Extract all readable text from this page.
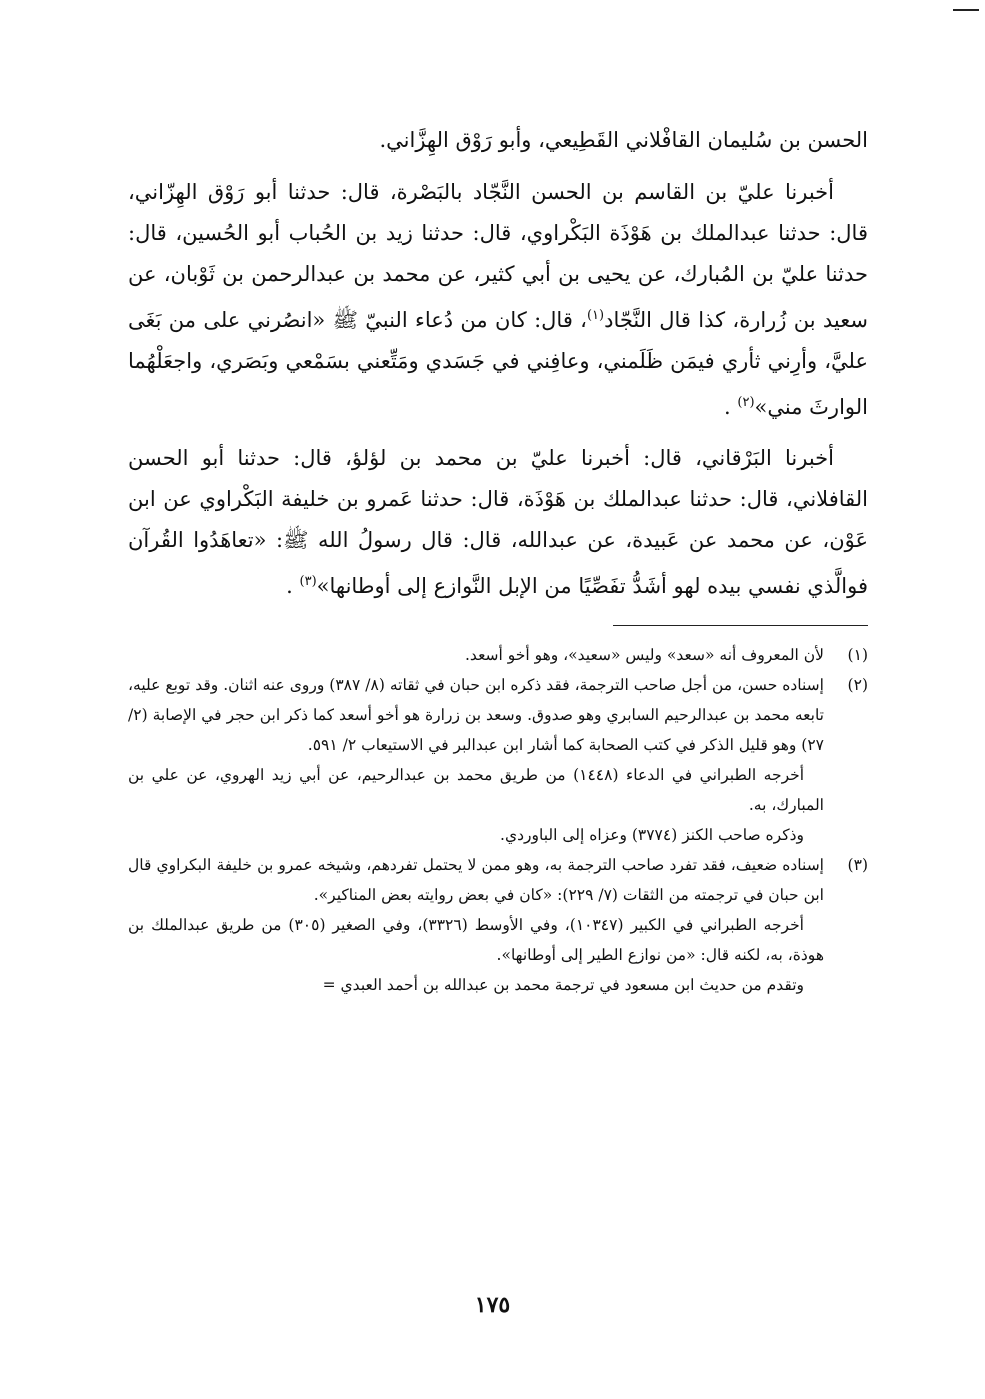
الحسن بن سُليمان القافْلاني القَطِيعي، وأبو رَوْق الهِزَّاني.

أخبرنا عليّ بن القاسم بن الحسن النَّجّاد بالبَصْرة، قال: حدثنا أبو رَوْق الهِزّاني، قال: حدثنا عبدالملك بن هَوْذَة البَكْراوي، قال: حدثنا زيد بن الحُباب أبو الحُسين، قال: حدثنا عليّ بن المُبارك، عن يحيى بن أبي كثير، عن محمد بن عبدالرحمن بن ثَوْبان، عن سعيد بن زُرارة، كذا قال النَّجّاد$^{(١)}$، قال: كان من دُعاء النبيّ ﷺ «انصُرني على من بَغَى عليَّ، وأرِني ثأري فيمَن ظَلَمني، وعافِني في جَسَدي ومَتِّعني بسَمْعي وبَصَري، واجعَلْهُما الوارثَ مني»$^{(٢)}$ .

أخبرنا البَرْقاني، قال: أخبرنا عليّ بن محمد بن لؤلؤ، قال: حدثنا أبو الحسن القافلاني، قال: حدثنا عبدالملك بن هَوْذَة، قال: حدثنا عَمرو بن خليفة البَكْراوي عن ابن عَوْن، عن محمد عن عَبيدة، عن عبدالله، قال: قال رسولُ الله ﷺ: «تعاهَدُوا القُرآن فوالَّذي نفسي بيده لهو أشَدُّ تفَصِّيًا من الإبل النَّوازع إلى أوطانها»$^{(٣)}$ .

(١)

لأن المعروف أنه «سعد» وليس «سعيد»، وهو أخو أسعد.

(٢)

إسناده حسن، من أجل صاحب الترجمة، فقد ذكره ابن حبان في ثقاته (٨/ ٣٨٧) وروى عنه اثنان. وقد توبع عليه، تابعه محمد بن عبدالرحيم السابري وهو صدوق. وسعد بن زرارة هو أخو أسعد كما ذكر ابن حجر في الإصابة (٢/ ٢٧) وهو قليل الذكر في كتب الصحابة كما أشار ابن عبدالبر في الاستيعاب ٢/ ٥٩١.

أخرجه الطبراني في الدعاء (١٤٤٨) من طريق محمد بن عبدالرحيم، عن أبي زيد الهروي، عن علي بن المبارك، به.

وذكره صاحب الكنز (٣٧٧٤) وعزاه إلى الباوردي.

(٣)

إسناده ضعيف، فقد تفرد صاحب الترجمة به، وهو ممن لا يحتمل تفردهم، وشيخه عمرو بن خليفة البكراوي قال ابن حبان في ترجمته من الثقات (٧/ ٢٢٩): «كان في بعض روايته بعض المناكير».

أخرجه الطبراني في الكبير (١٠٣٤٧)، وفي الأوسط (٣٣٢٦)، وفي الصغير (٣٠٥) من طريق عبدالملك بن هوذة، به، لكنه قال: «من نوازع الطير إلى أوطانها».

وتقدم من حديث ابن مسعود في ترجمة محمد بن عبدالله بن أحمد العبدي =

١٧٥
